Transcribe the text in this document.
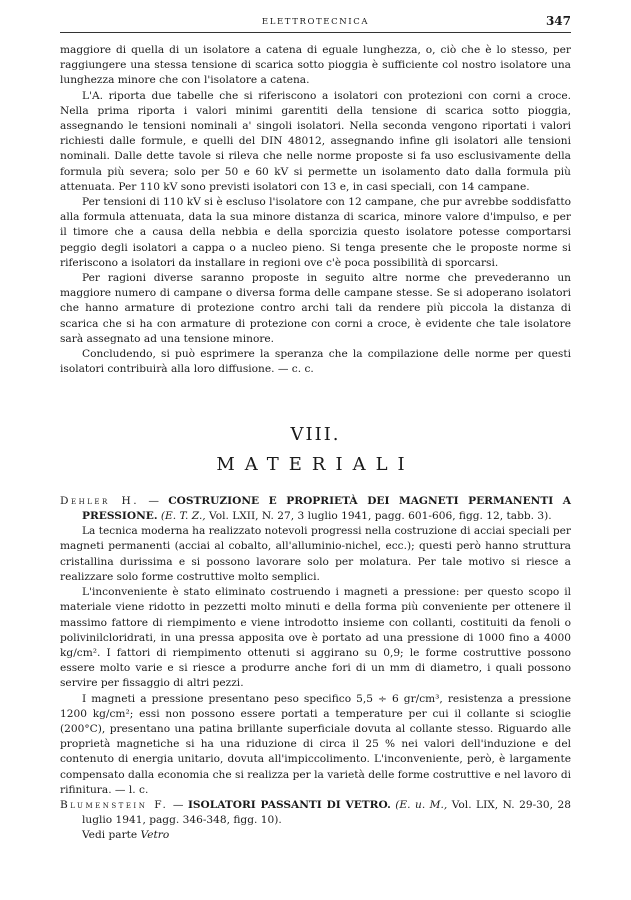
ELETTROTECNICA	347

maggiore di quella di un isolatore a catena di eguale lunghezza, o, ciò che è lo stesso, per raggiungere una stessa tensione di scarica sotto pioggia è sufficiente col nostro isolatore una lunghezza minore che con l'isolatore a catena.

L'A. riporta due tabelle che si riferiscono a isolatori con protezioni con corni a croce. Nella prima riporta i valori minimi garentiti della tensione di scarica sotto pioggia, assegnando le tensioni nominali a' singoli isolatori. Nella seconda vengono riportati i valori richiesti dalle formule, e quelli del DIN 48012, assegnando infine gli isolatori alle tensioni nominali. Dalle dette tavole si rileva che nelle norme proposte si fa uso esclusivamente della formula più severa; solo per 50 e 60 kV si permette un isolamento dato dalla formula più attenuata. Per 110 kV sono previsti isolatori con 13 e, in casi speciali, con 14 campane.

Per tensioni di 110 kV si è escluso l'isolatore con 12 campane, che pur avrebbe soddisfatto alla formula attenuata, data la sua minore distanza di scarica, minore valore d'impulso, e per il timore che a causa della nebbia e della sporcizia questo isolatore potesse comportarsi peggio degli isolatori a cappa o a nucleo pieno. Si tenga presente che le proposte norme si riferiscono a isolatori da installare in regioni ove c'è poca possibilità di sporcarsi.

Per ragioni diverse saranno proposte in seguito altre norme che prevederanno un maggiore numero di campane o diversa forma delle campane stesse. Se si adoperano isolatori che hanno armature di protezione contro archi tali da rendere più piccola la distanza di scarica che si ha con armature di protezione con corni a croce, è evidente che tale isolatore sarà assegnato ad una tensione minore.

Concludendo, si può esprimere la speranza che la compilazione delle norme per questi isolatori contribuirà alla loro diffusione. — c. c.

VIII.
MATERIALI

Dehler H. — COSTRUZIONE E PROPRIETÀ DEI MAGNETI PERMANENTI A PRESSIONE. (E. T. Z., Vol. LXII, N. 27, 3 luglio 1941, pagg. 601-606, figg. 12, tabb. 3).

La tecnica moderna ha realizzato notevoli progressi nella costruzione di acciai speciali per magneti permanenti (acciai al cobalto, all'alluminio-nichel, ecc.); questi però hanno struttura cristallina durissima e si possono lavorare solo per molatura. Per tale motivo si riesce a realizzare solo forme costruttive molto semplici.

L'inconveniente è stato eliminato costruendo i magneti a pressione: per questo scopo il materiale viene ridotto in pezzetti molto minuti e della forma più conveniente per ottenere il massimo fattore di riempimento e viene introdotto insieme con collanti, costituiti da fenoli o polivinilcloridrati, in una pressa apposita ove è portato ad una pressione di 1000 fino a 4000 kg/cm². I fattori di riempimento ottenuti si aggirano su 0,9; le forme costruttive possono essere molto varie e si riesce a produrre anche fori di un mm di diametro, i quali possono servire per fissaggio di altri pezzi.

I magneti a pressione presentano peso specifico 5,5 ÷ 6 gr/cm³, resistenza a pressione 1200 kg/cm²; essi non possono essere portati a temperature per cui il collante si scioglie (200°C), presentano una patina brillante superficiale dovuta al collante stesso. Riguardo alle proprietà magnetiche si ha una riduzione di circa il 25 % nei valori dell'induzione e del contenuto di energia unitario, dovuta all'impiccolimento. L'inconveniente, però, è largamente compensato dalla economia che si realizza per la varietà delle forme costruttive e nel lavoro di rifinitura. — l. c.

Blumenstein F. — ISOLATORI PASSANTI DI VETRO. (E. u. M., Vol. LIX, N. 29-30, 28 luglio 1941, pagg. 346-348, figg. 10).

Vedi parte Vetro
